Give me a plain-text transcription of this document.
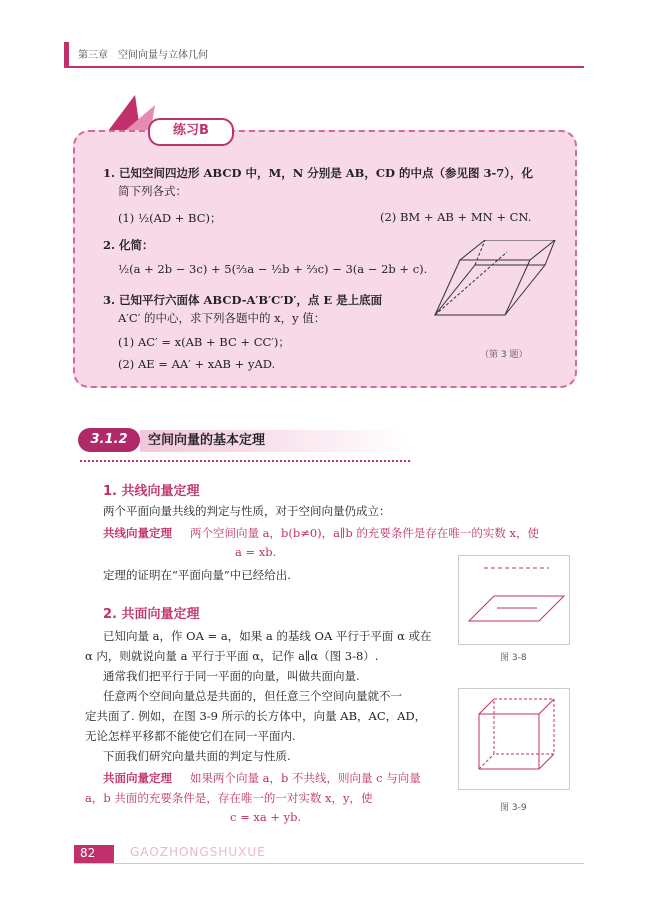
第三章　空间向量与立体几何
练习B
1. 已知空间四边形 ABCD 中，M，N 分别是 AB，CD 的中点（参见图 3-7），化
简下列各式：
(1) ½(AD + BC)；	(2) BM + AB + MN + CN.
2. 化简：
½(a + 2b − 3c) + 5(⅔a − ½b + ⅔c) − 3(a − 2b + c).
3. 已知平行六面体 ABCD-A′B′C′D′，点 E 是上底面
A′C′ 的中心，求下列各题中的 x，y 值：
(1) AC′ = x(AB + BC + CC′)；
(2) AE = AA′ + xAB + yAD.
（第 3 题）
3.1.2	空间向量的基本定理
1. 共线向量定理
两个平面向量共线的判定与性质，对于空间向量仍成立：
共线向量定理 两个空间向量 a，b(b≠0)，a∥b 的充要条件是存在唯一的实数 x，使
a = xb.
定理的证明在“平面向量”中已经给出.
2. 共面向量定理
已知向量 a，作 OA = a，如果 a 的基线 OA 平行于平面 α 或在
α 内，则就说向量 a 平行于平面 α，记作 a∥α（图 3-8）.
通常我们把平行于同一平面的向量，叫做共面向量.
任意两个空间向量总是共面的，但任意三个空间向量就不一
定共面了. 例如，在图 3-9 所示的长方体中，向量 AB，AC，AD，
无论怎样平移都不能使它们在同一平面内.
下面我们研究向量共面的判定与性质.
共面向量定理 如果两个向量 a，b 不共线，则向量 c 与向量
a，b 共面的充要条件是，存在唯一的一对实数 x，y，使
c = xa + yb.
图 3-8
图 3-9
82	GAOZHONGSHUXUE
